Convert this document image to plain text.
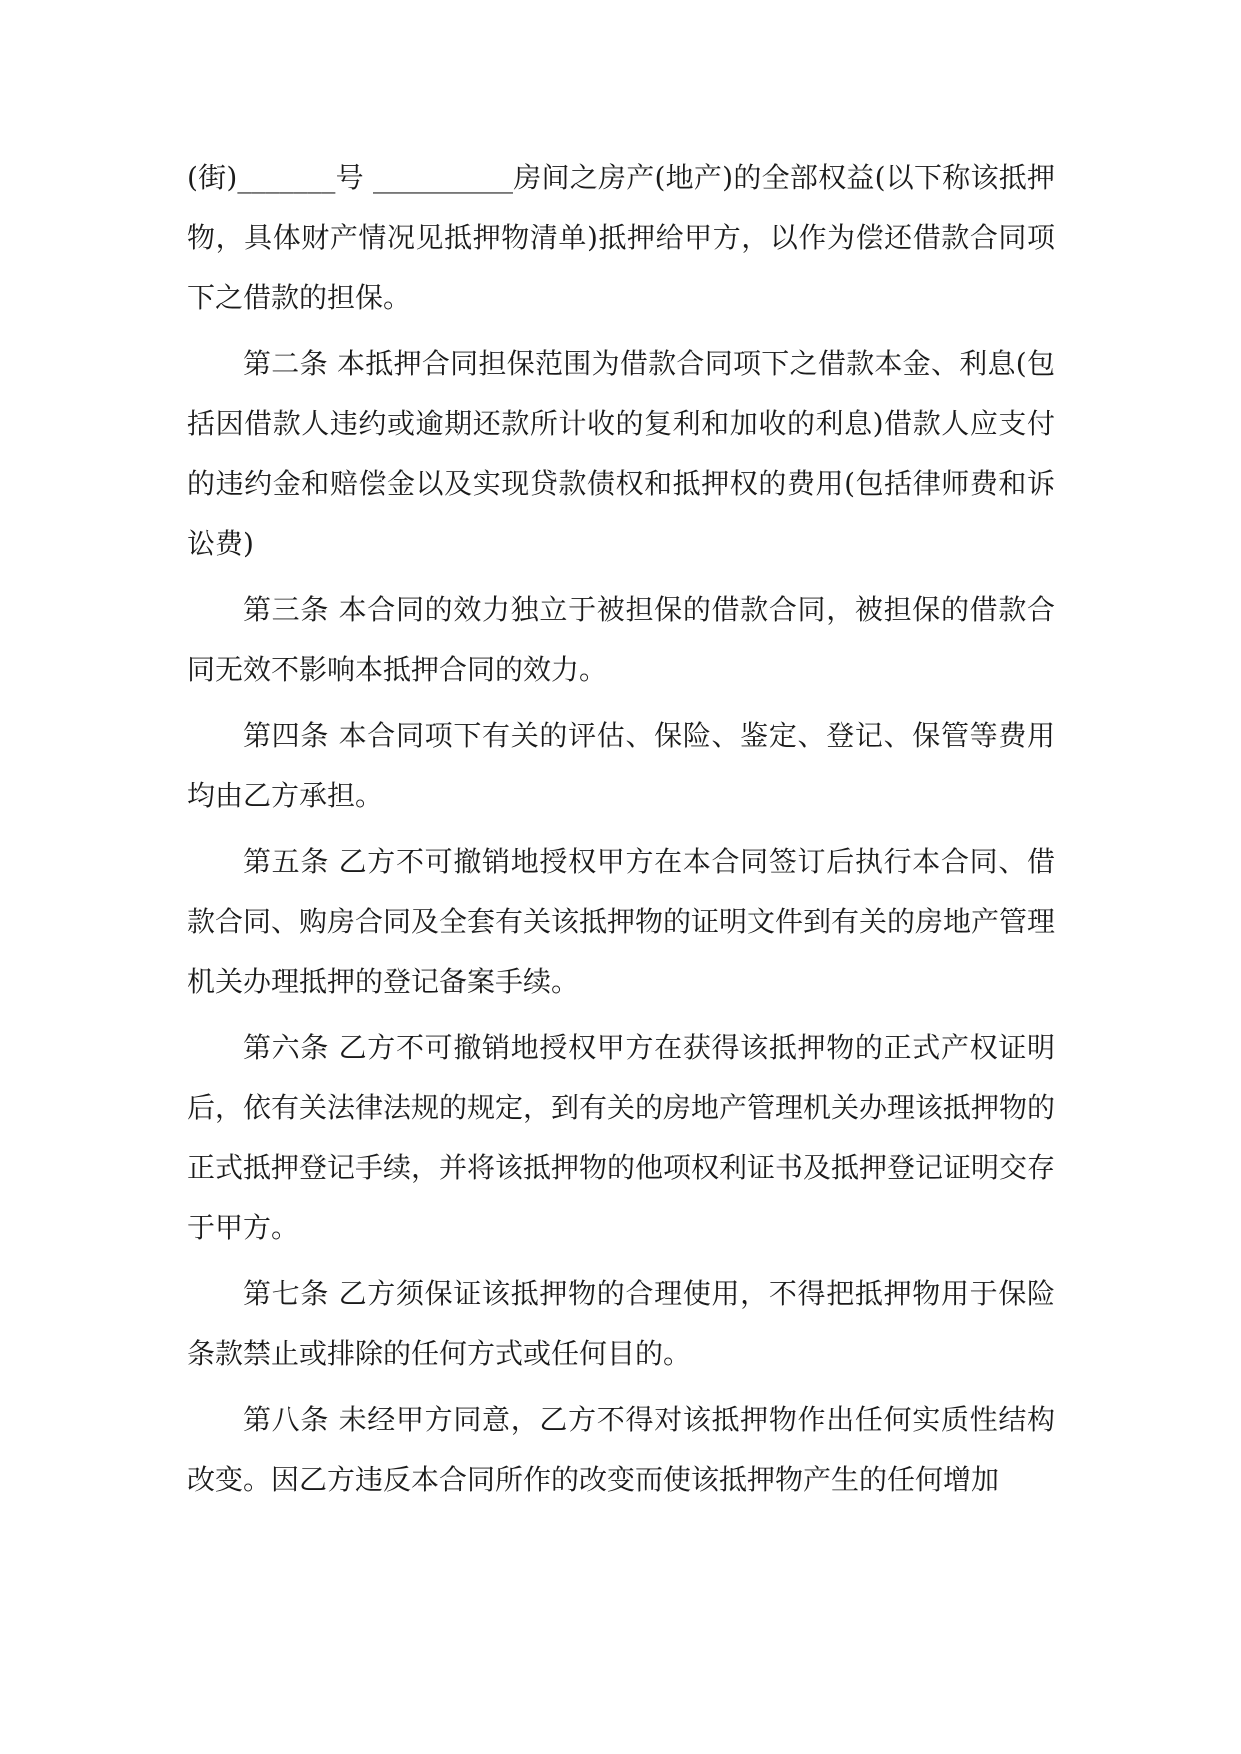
(街)_______号 __________房间之房产(地产)的全部权益(以下称该抵押物，具体财产情况见抵押物清单)抵押给甲方，以作为偿还借款合同项下之借款的担保。

第二条 本抵押合同担保范围为借款合同项下之借款本金、利息(包括因借款人违约或逾期还款所计收的复利和加收的利息)借款人应支付的违约金和赔偿金以及实现贷款债权和抵押权的费用(包括律师费和诉讼费)

第三条 本合同的效力独立于被担保的借款合同，被担保的借款合同无效不影响本抵押合同的效力。

第四条 本合同项下有关的评估、保险、鉴定、登记、保管等费用均由乙方承担。

第五条 乙方不可撤销地授权甲方在本合同签订后执行本合同、借款合同、购房合同及全套有关该抵押物的证明文件到有关的房地产管理机关办理抵押的登记备案手续。

第六条 乙方不可撤销地授权甲方在获得该抵押物的正式产权证明后，依有关法律法规的规定，到有关的房地产管理机关办理该抵押物的正式抵押登记手续，并将该抵押物的他项权利证书及抵押登记证明交存于甲方。

第七条 乙方须保证该抵押物的合理使用，不得把抵押物用于保险条款禁止或排除的任何方式或任何目的。

第八条 未经甲方同意，乙方不得对该抵押物作出任何实质性结构改变。因乙方违反本合同所作的改变而使该抵押物产生的任何增加
